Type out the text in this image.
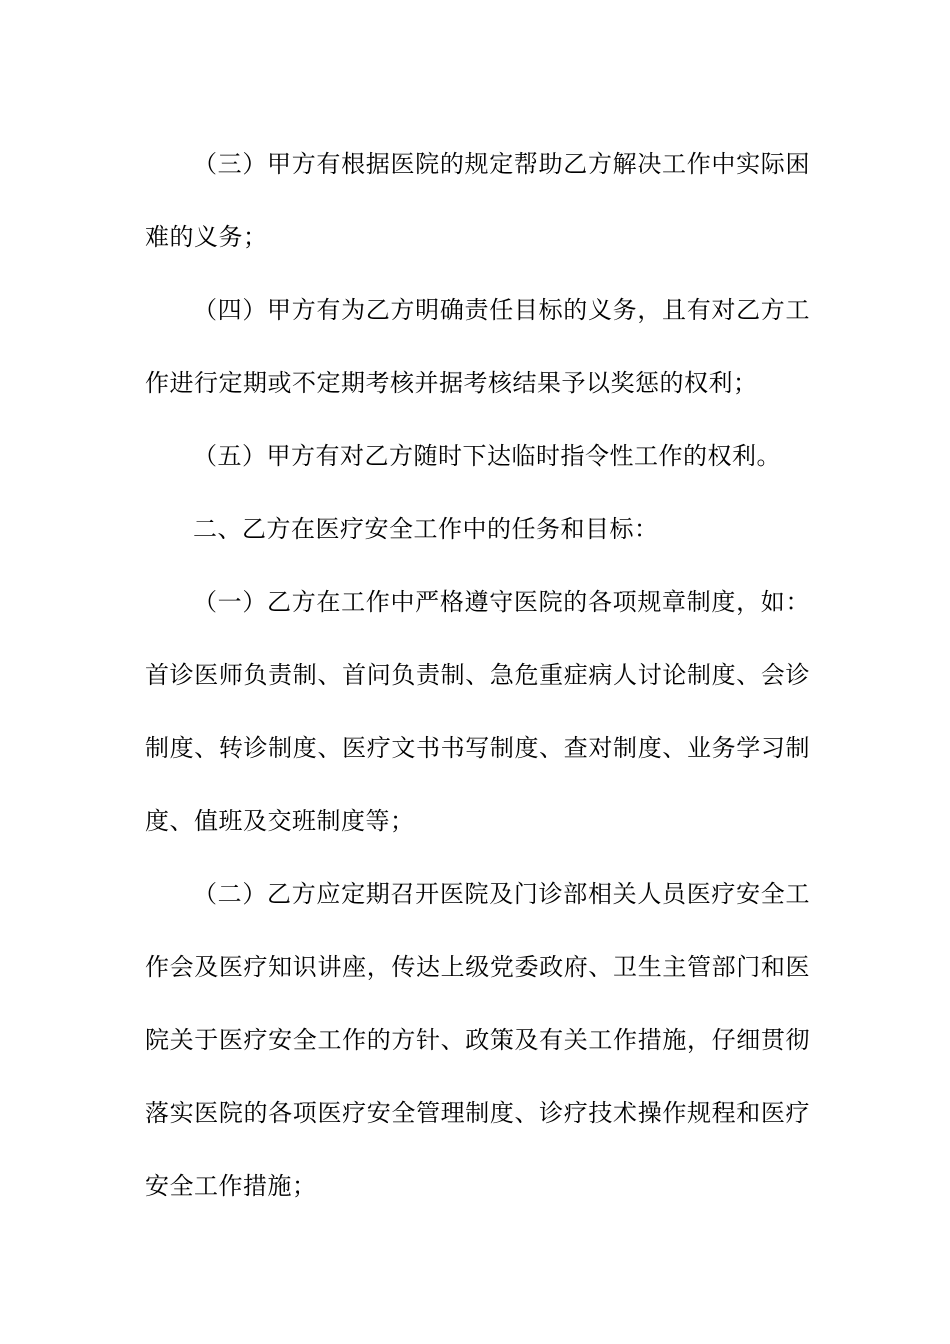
（三）甲方有根据医院的规定帮助乙方解决工作中实际困难的义务；

（四）甲方有为乙方明确责任目标的义务，且有对乙方工作进行定期或不定期考核并据考核结果予以奖惩的权利；

（五）甲方有对乙方随时下达临时指令性工作的权利。

二、乙方在医疗安全工作中的任务和目标：

（一）乙方在工作中严格遵守医院的各项规章制度，如：首诊医师负责制、首问负责制、急危重症病人讨论制度、会诊制度、转诊制度、医疗文书书写制度、查对制度、业务学习制度、值班及交班制度等；

（二）乙方应定期召开医院及门诊部相关人员医疗安全工作会及医疗知识讲座，传达上级党委政府、卫生主管部门和医院关于医疗安全工作的方针、政策及有关工作措施，仔细贯彻落实医院的各项医疗安全管理制度、诊疗技术操作规程和医疗安全工作措施；
